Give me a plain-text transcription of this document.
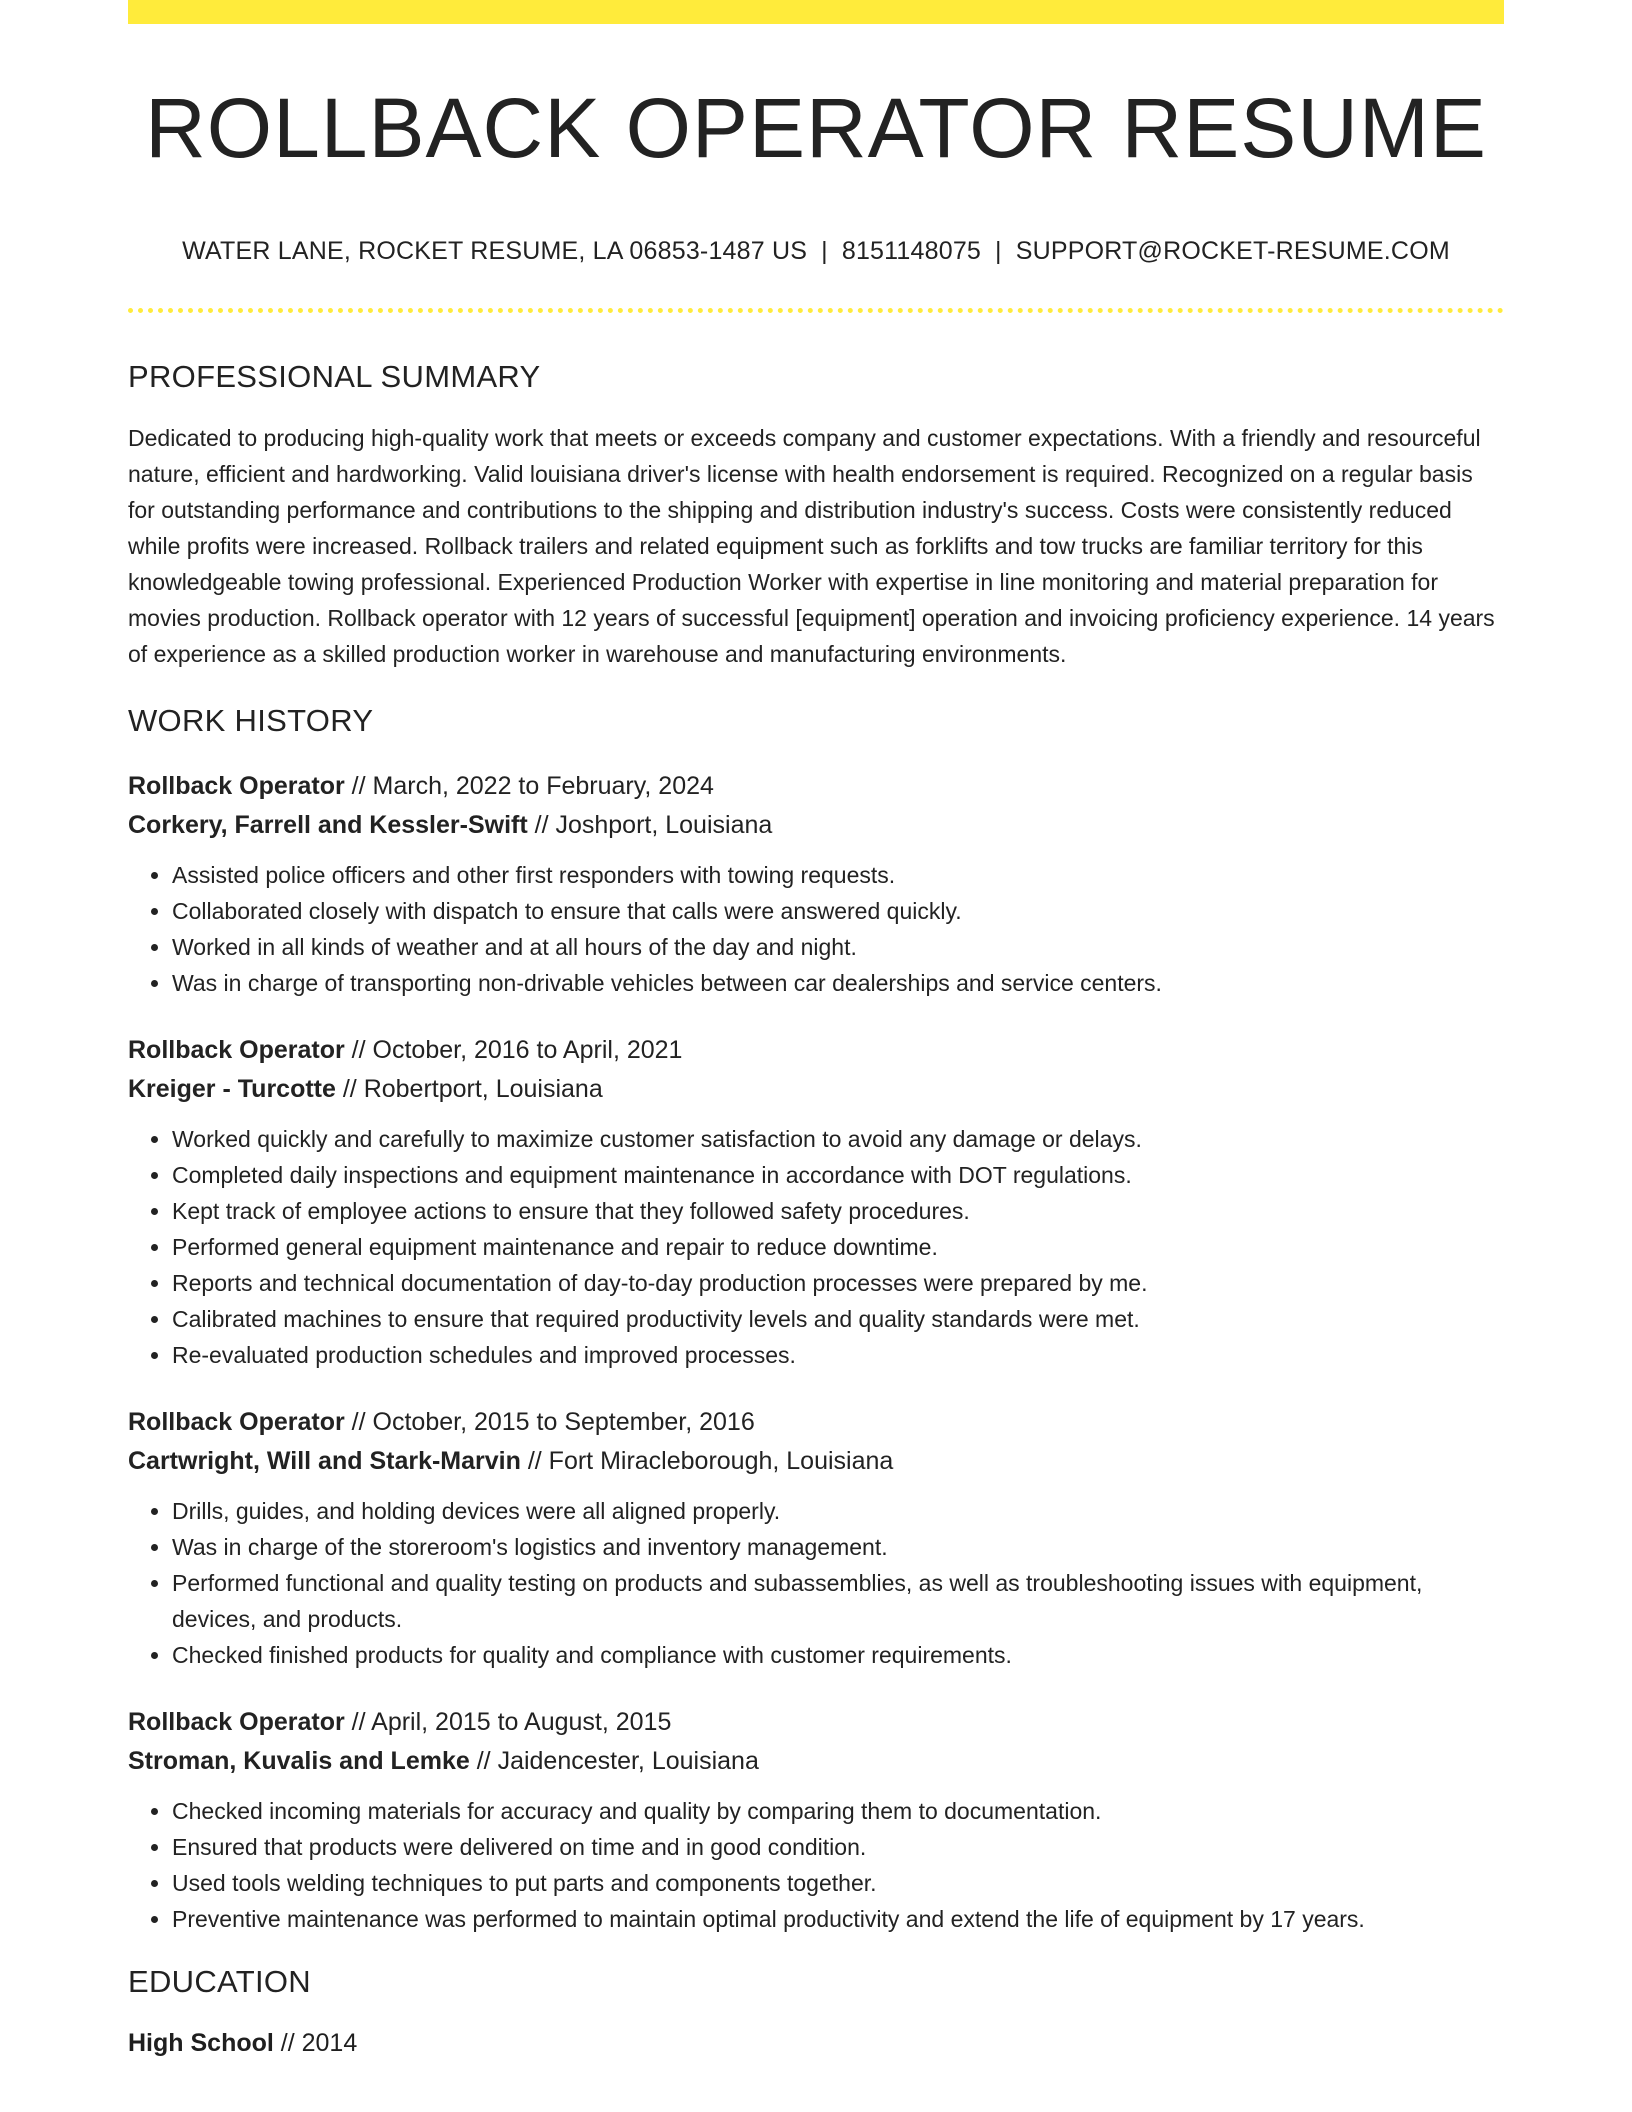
ROLLBACK OPERATOR RESUME
WATER LANE, ROCKET RESUME, LA 06853-1487 US | 8151148075 | SUPPORT@ROCKET-RESUME.COM
PROFESSIONAL SUMMARY

Dedicated to producing high-quality work that meets or exceeds company and customer expectations. With a friendly and resourceful nature, efficient and hardworking. Valid louisiana driver's license with health endorsement is required. Recognized on a regular basis for outstanding performance and contributions to the shipping and distribution industry's success. Costs were consistently reduced while profits were increased. Rollback trailers and related equipment such as forklifts and tow trucks are familiar territory for this knowledgeable towing professional. Experienced Production Worker with expertise in line monitoring and material preparation for movies production. Rollback operator with 12 years of successful [equipment] operation and invoicing proficiency experience. 14 years of experience as a skilled production worker in warehouse and manufacturing environments.

WORK HISTORY
Rollback Operator // March, 2022 to February, 2024
Corkery, Farrell and Kessler-Swift // Joshport, Louisiana
• Assisted police officers and other first responders with towing requests.
• Collaborated closely with dispatch to ensure that calls were answered quickly.
• Worked in all kinds of weather and at all hours of the day and night.
• Was in charge of transporting non-drivable vehicles between car dealerships and service centers.
Rollback Operator // October, 2016 to April, 2021
Kreiger - Turcotte // Robertport, Louisiana
• Worked quickly and carefully to maximize customer satisfaction to avoid any damage or delays.
• Completed daily inspections and equipment maintenance in accordance with DOT regulations.
• Kept track of employee actions to ensure that they followed safety procedures.
• Performed general equipment maintenance and repair to reduce downtime.
• Reports and technical documentation of day-to-day production processes were prepared by me.
• Calibrated machines to ensure that required productivity levels and quality standards were met.
• Re-evaluated production schedules and improved processes.
Rollback Operator // October, 2015 to September, 2016
Cartwright, Will and Stark-Marvin // Fort Miracleborough, Louisiana
• Drills, guides, and holding devices were all aligned properly.
• Was in charge of the storeroom's logistics and inventory management.
• Performed functional and quality testing on products and subassemblies, as well as troubleshooting issues with equipment, devices, and products.
• Checked finished products for quality and compliance with customer requirements.
Rollback Operator // April, 2015 to August, 2015
Stroman, Kuvalis and Lemke // Jaidencester, Louisiana
• Checked incoming materials for accuracy and quality by comparing them to documentation.
• Ensured that products were delivered on time and in good condition.
• Used tools welding techniques to put parts and components together.
• Preventive maintenance was performed to maintain optimal productivity and extend the life of equipment by 17 years.
EDUCATION
High School // 2014
